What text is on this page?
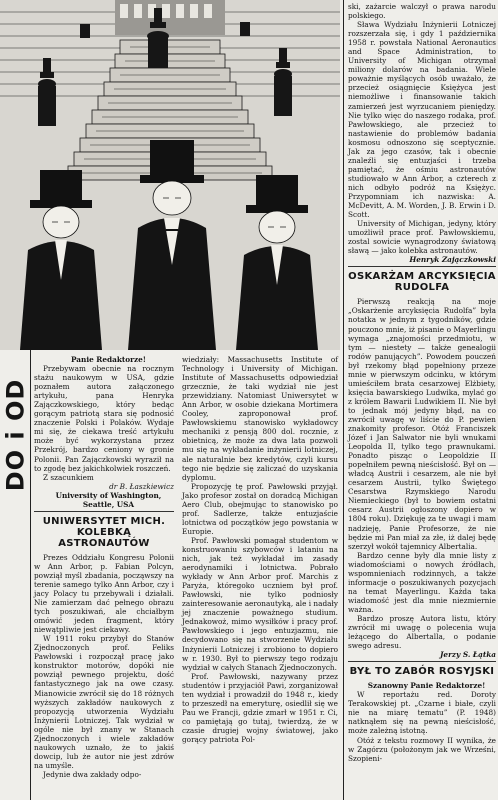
DO i OD

Panie Redaktorze!

Przebywam obecnie na rocznym stażu naukowym w USA, gdzie poznałem autora załączonego artykułu, pana Henryka Zajączkowskiego, który bedąc gorącym patriotą stara się podnosić znaczenie Polski i Polaków. Wydaje mi się, że ciekawa treść artykułu może być wykorzystana przez Przekrój, bardzo ceniony w gronie Polonii. Pan Zajączkowski wyraził na to zgodę bez jakichkolwiek roszczeń.

Z szacunkiem

dr B. Łaszkiewicz

University of Washington,

Seattle, USA

UNIWERSYTET MICH. KOLEBKĄ ASTRONAUTÓW

Prezes Oddziału Kongresu Polonii w Ann Arbor, p. Fabian Polcyn, powziął myśl zbadania, począwszy na terenie samego tylko Ann Arbor, czy i jacy Polacy tu przebywali i działali. Nie zamierzam dać pełnego obrazu tych poszukiwań, ale chciałbym omówić jeden fragment, który niewątpliwie jest ciekawy.

W 1911 roku przybył do Stanów Zjednoczonych prof. Feliks Pawłowski i rozpoczął pracę jako konstruktor motorów, dopóki nie powziął pewnego projektu, dość fantastycznego jak na owe czasy. Mianowicie zwrócił się do 18 różnych wyższych zakładów naukowych z propozycją utworzenia Wydziału Inżynierii Lotniczej. Tak wydział w ogóle nie był znany w Stanach Zjednoczonych i wiele zakładów naukowych uznało, że to jakiś dowcip, lub że autor nie jest zdrów na umyśle.

Jedynie dwa zakłady odpo-

wiedziały: Massachusetts Institute of Technology i University of Michigan. Institute of Massachusetts odpowiedział grzecznie, że taki wydział nie jest przewidziany. Natomiast Uniwersytet w Ann Arbor, w osobie dziekana Mortimera Cooley, zaproponował prof. Pawłowskiemu stanowisko wykładowcy mechaniki z pensją 800 dol. rocznie, z obietnicą, że może za dwa lata pozwoli mu się na wykładanie inżynierii lotniczej, ale naturalnie bez kredytów, czyli kursu tego nie będzie się zaliczać do uzyskania dyplomu.

Propozycję tę prof. Pawłowski przyjął. Jako profesor został on doradcą Michigan Aero Club, obejmując to stanowisko po prof. Sadlerze, także entuzjaście lotnictwa od początków jego powstania w Europie.

Prof. Pawłowski pomagał studentom w konstruowaniu szybowców i lataniu na nich, jak też wykładał im zasady aerodynamiki i lotnictwa. Pobrało wykłady w Ann Arbor prof. Marchis z Paryża, któregoko uczniem był prof. Pawłowski, nie tylko podniosły zainteresowanie aeronautyką, ale i nadały jej znaczenie poważnego studium. Jednakowoż, mimo wysiłków i pracy prof. Pawłowskiego i jego entuzjazmu, nie decydowano się na stworzenie Wydziału Inżynierii Lotniczej i zrobiono to dopiero w r. 1930. Był to pierwszy tego rodzaju wydział w całych Stanach Zjednoczonych.

Prof. Pawłowski, nazywany przez studentów i przyjaciół Pawi, zorganizował ten wydział i prowadził do 1948 r., kiedy to przeszedł na emeryturę, osiedlił się we Pau we Francji, gdzie zmarł w 1951 r. Ci, co pamiętają go tutaj, twierdzą, że w czasie drugiej wojny światowej, jako gorący patriota Pol-

ski, zażarcie walczył o prawa narodu polskiego.

Sława Wydziału Inżynierii Lotniczej rozszerzała się, i gdy 1 października 1958 r. powstała National Aeronautics and Space Administration, to University of Michigan otrzymał miliony dolarów na badania. Wiele poważnie myślących osób uważało, że przecież osiągnięcie Księżyca jest niemożliwe i finansowanie takich zamierzeń jest wyrzucaniem pieniędzy. Nie tylko więc do naszego rodaka, prof. Pawłowskiego, ale przecież to nastawienie do problemów badania kosmosu odnoszono się sceptycznie. Jak za jego czasów, tak i obecnie znaleźli się entuzjaści i trzeba pamiętać, że ośmiu astronautów studiowało w Ann Arbor, a czterech z nich odbyło podróż na Księżyc. Przypomniam ich nazwiska: A. McDevitt, A. M. Worden, J. B. Erwin i D. Scott.

University of Michigan, jedyny, który umożliwił prace prof. Pawłowskiemu, zostal sowicie wynagrodzony światową sławą — jako kolebka astronautów.

Henryk Zajączkowski

OSKARŻAM ARCYKSIĘCIA RUDOLFA

Pierwszą reakcją na moje „Oskarżenie arcyksięcia Rudolfa” była notatka w jednym z tygodników, gdzie pouczono mnie, iż pisanie o Mayerlingu wymaga „znajomości przedmiotu, w tym — niestety — także genealogii rodów panujących”. Powodem pouczeń był rzekomy błąd popełniony przeze mnie w pierwszym odcinku, w którym umieściłem brata cesarzowej Elżbiety, księcia bawarskiego Ludwika, mylać go z królem Bawarii Ludwikiem II. Nie był to jednak mój jedyny błąd, na co zwrócił uwagę w liście do P. pewien znakomity profesor. Otóż Franciszek Józef i Jan Salwator nie byli wnukami Leopolda II, tylko tego prawnukami. Ponadto pisząc o Leopoldzie II popełniłem pewną nieścisłość. Był on — władcą Austrii i cesarzem, ale nie był cesarzem Austrii, tylko Świętego Cesarstwa Rzymskiego Narodu Niemieckiego (był to bowiem ostatni cesarz Austrii ogłoszony dopiero w 1804 roku). Dziękuję za te uwagi i mam nadzieję, Panie Profesorze, że nie będzie mi Pan miał za złe, iż dalej będę szerzył wokół tajemnicy Albertalia.

Bardzo cenne były dla mnie listy z wiadomościami o nowych źródłach, wspomnieniach rodzinnych, a także informacje o poszukiwanych pozycjach na temat Mayerlingu. Każda taka wiadomość jest dla mnie niezmiernie ważna.

Bardzo proszę Autora listu, który zwrócił mi uwagę o polecenia wuja leżącego do Albertalla, o podanie swego adresu.

Jerzy S. Łątka

BYŁ TO ZABÓR ROSYJSKI

Szanowny Panie Redaktorze!

W reportażu red. Doroty Terakowskiej pt. „Czarne i białe, czyli nie na miarę tematu” (P. 1948) natknąłem się na pewną nieścisłość, może zależną istotną.

Otóż z tekstu rozmowy II wynika, że w Zagórzu (położonym jak we Wrześni, Szopieni-
